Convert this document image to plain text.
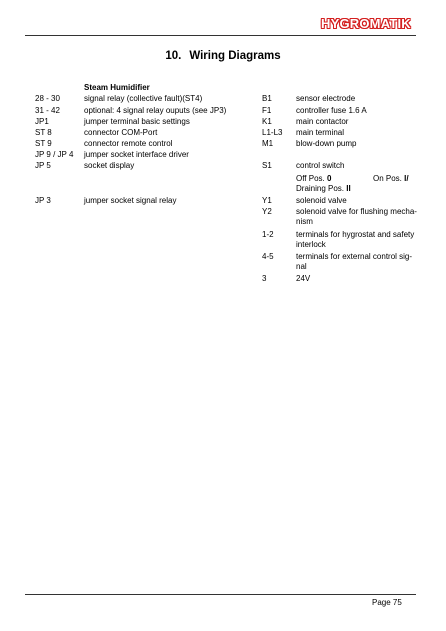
HYGROMATIK
10. Wiring Diagrams
Steam Humidifier
28 - 30	signal relay (collective fault)(ST4)
31 - 42	optional: 4 signal relay ouputs (see JP3)
JP1	jumper terminal basic settings
ST 8	connector COM-Port
ST 9	connector remote control
JP 9 / JP 4 jumper socket interface driver
JP 5	socket display
JP 3	jumper socket signal relay
B1	sensor electrode
F1	controller fuse 1.6 A
K1	main contactor
L1-L3 main terminal
M1	blow-down pump
S1	control switch
Off Pos. 0	On Pos. I/
Draining Pos. II
Y1	solenoid valve
Y2	solenoid valve for flushing mecha-
nism
1-2	terminals for hygrostat and safety
interlock
4-5	terminals for external control sig-
nal
3	24V
Page 75
